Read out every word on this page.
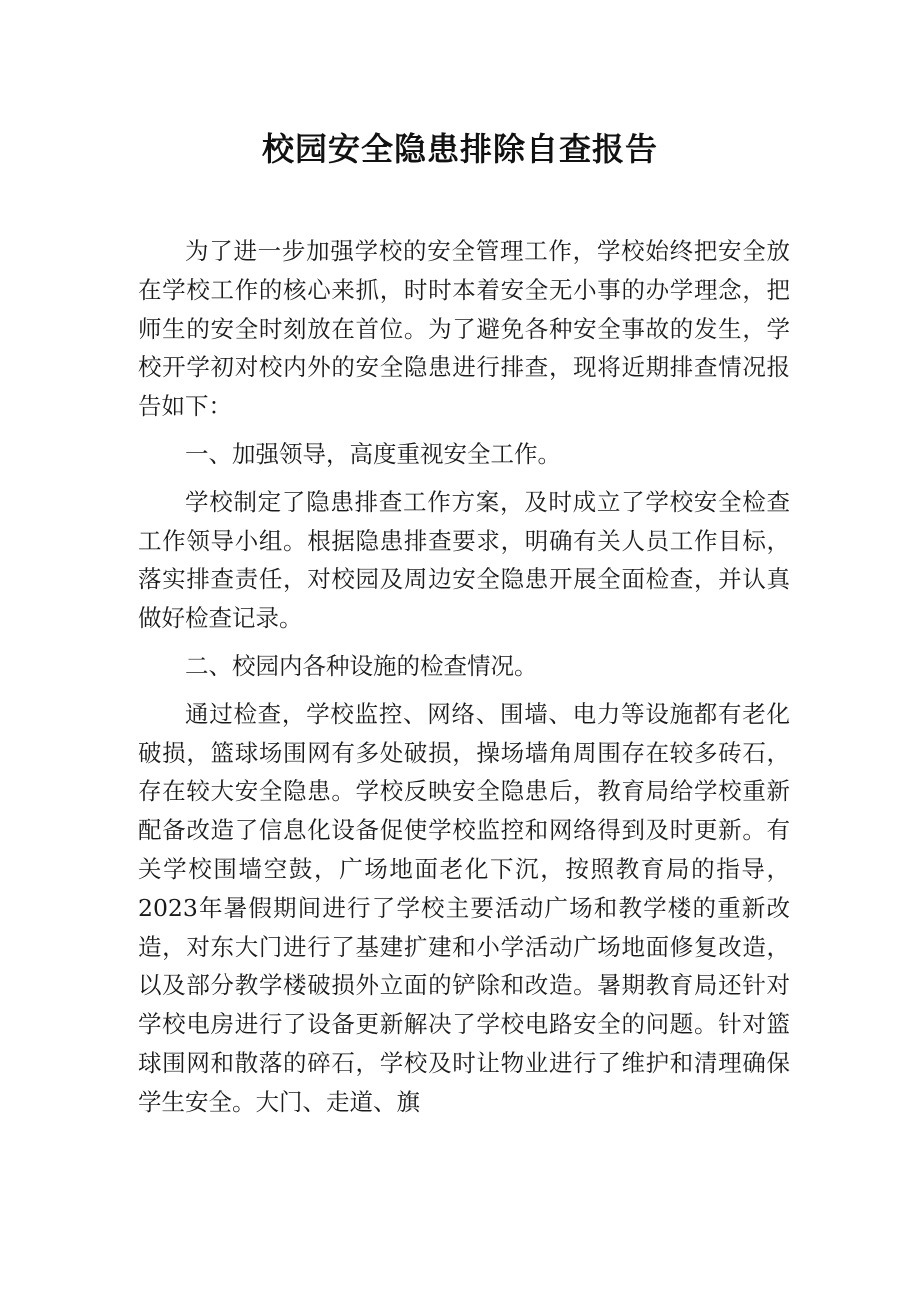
校园安全隐患排除自查报告

为了进一步加强学校的安全管理工作，学校始终把安全放在学校工作的核心来抓，时时本着安全无小事的办学理念，把师生的安全时刻放在首位。为了避免各种安全事故的发生，学校开学初对校内外的安全隐患进行排查，现将近期排查情况报告如下：

一、加强领导，高度重视安全工作。

学校制定了隐患排查工作方案，及时成立了学校安全检查工作领导小组。根据隐患排查要求，明确有关人员工作目标，落实排查责任，对校园及周边安全隐患开展全面检查，并认真做好检查记录。

二、校园内各种设施的检查情况。

通过检查，学校监控、网络、围墙、电力等设施都有老化破损，篮球场围网有多处破损，操场墙角周围存在较多砖石，存在较大安全隐患。学校反映安全隐患后，教育局给学校重新配备改造了信息化设备促使学校监控和网络得到及时更新。有关学校围墙空鼓，广场地面老化下沉，按照教育局的指导，2023年暑假期间进行了学校主要活动广场和教学楼的重新改造，对东大门进行了基建扩建和小学活动广场地面修复改造，以及部分教学楼破损外立面的铲除和改造。暑期教育局还针对学校电房进行了设备更新解决了学校电路安全的问题。针对篮球围网和散落的碎石，学校及时让物业进行了维护和清理确保学生安全。大门、走道、旗
